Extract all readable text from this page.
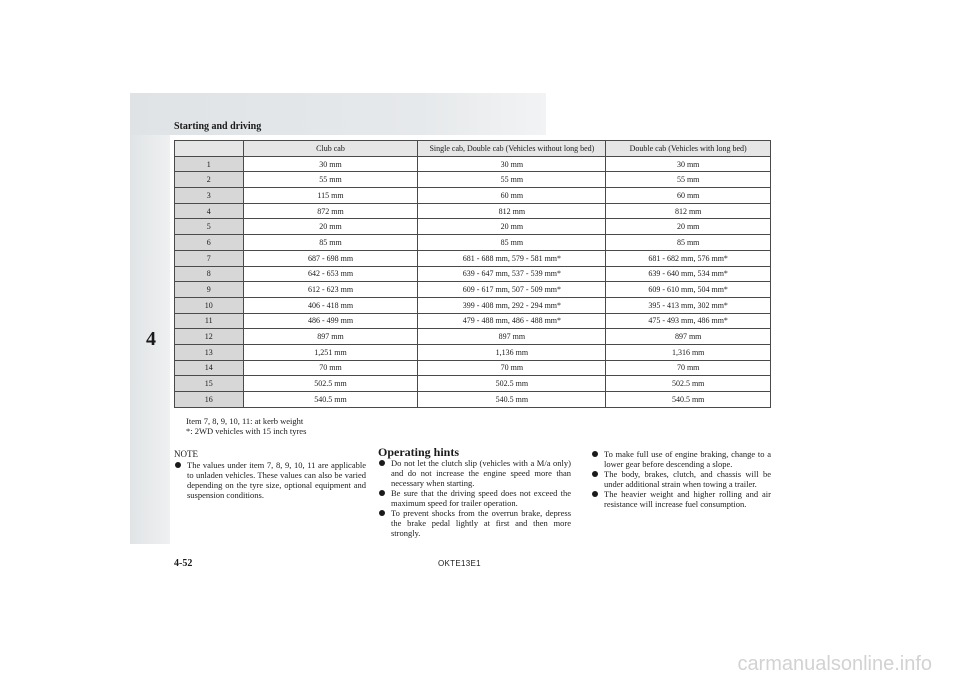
Starting and driving
4
	Club cab	Single cab, Double cab (Vehicles without long bed)	Double cab (Vehicles with long bed)
1	30 mm	30 mm	30 mm
2	55 mm	55 mm	55 mm
3	115 mm	60 mm	60 mm
4	872 mm	812 mm	812 mm
5	20 mm	20 mm	20 mm
6	85 mm	85 mm	85 mm
7	687 - 698 mm	681 - 688 mm, 579 - 581 mm*	681 - 682 mm, 576 mm*
8	642 - 653 mm	639 - 647 mm, 537 - 539 mm*	639 - 640 mm, 534 mm*
9	612 - 623 mm	609 - 617 mm, 507 - 509 mm*	609 - 610 mm, 504 mm*
10	406 - 418 mm	399 - 408 mm, 292 - 294 mm*	395 - 413 mm, 302 mm*
11	486 - 499 mm	479 - 488 mm, 486 - 488 mm*	475 - 493 mm, 486 mm*
12	897 mm	897 mm	897 mm
13	1,251 mm	1,136 mm	1,316 mm
14	70 mm	70 mm	70 mm
15	502.5 mm	502.5 mm	502.5 mm
16	540.5 mm	540.5 mm	540.5 mm
Item 7, 8, 9, 10, 11: at kerb weight
*: 2WD vehicles with 15 inch tyres
NOTE
The values under item 7, 8, 9, 10, 11 are applicable to unladen vehicles. These values can also be varied depending on the tyre size, optional equipment and suspension conditions.
Operating hints
Do not let the clutch slip (vehicles with a M/a only) and do not increase the engine speed more than necessary when starting.
Be sure that the driving speed does not exceed the maximum speed for trailer operation.
To prevent shocks from the overrun brake, depress the brake pedal lightly at first and then more strongly.
To make full use of engine braking, change to a lower gear before descending a slope.
The body, brakes, clutch, and chassis will be under additional strain when towing a trailer.
The heavier weight and higher rolling and air resistance will increase fuel consumption.
4-52	OKTE13E1
carmanualsonline.info
